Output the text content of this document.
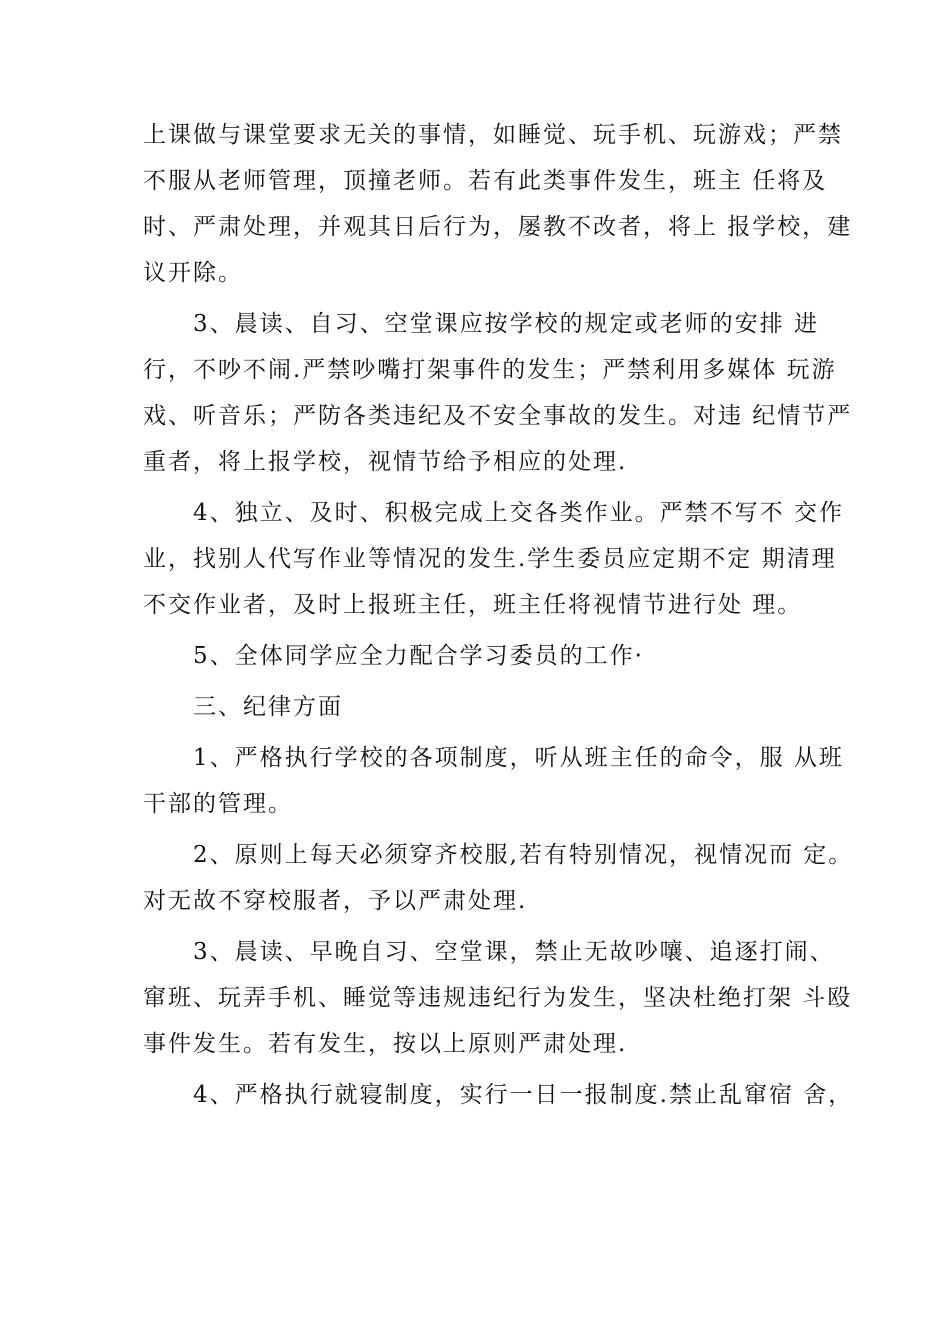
上课做与课堂要求无关的事情，如睡觉、玩手机、玩游戏；严禁

不服从老师管理，顶撞老师。若有此类事件发生，班主 任将及

时、严肃处理，并观其日后行为，屡教不改者，将上 报学校，建

议开除。

3、晨读、自习、空堂课应按学校的规定或老师的安排 进

行，不吵不闹.严禁吵嘴打架事件的发生；严禁利用多媒体 玩游

戏、听音乐；严防各类违纪及不安全事故的发生。对违 纪情节严

重者，将上报学校，视情节给予相应的处理.

4、独立、及时、积极完成上交各类作业。严禁不写不 交作

业，找别人代写作业等情况的发生.学生委员应定期不定 期清理

不交作业者，及时上报班主任，班主任将视情节进行处 理。

5、全体同学应全力配合学习委员的工作·

三、纪律方面

1、严格执行学校的各项制度，听从班主任的命令，服 从班

干部的管理。

2、原则上每天必须穿齐校服,若有特别情况，视情况而 定。

对无故不穿校服者，予以严肃处理.

3、晨读、早晚自习、空堂课，禁止无故吵嚷、追逐打闹、

窜班、玩弄手机、睡觉等违规违纪行为发生，坚决杜绝打架 斗殴

事件发生。若有发生，按以上原则严肃处理.

4、严格执行就寝制度，实行一日一报制度.禁止乱窜宿 舍，
